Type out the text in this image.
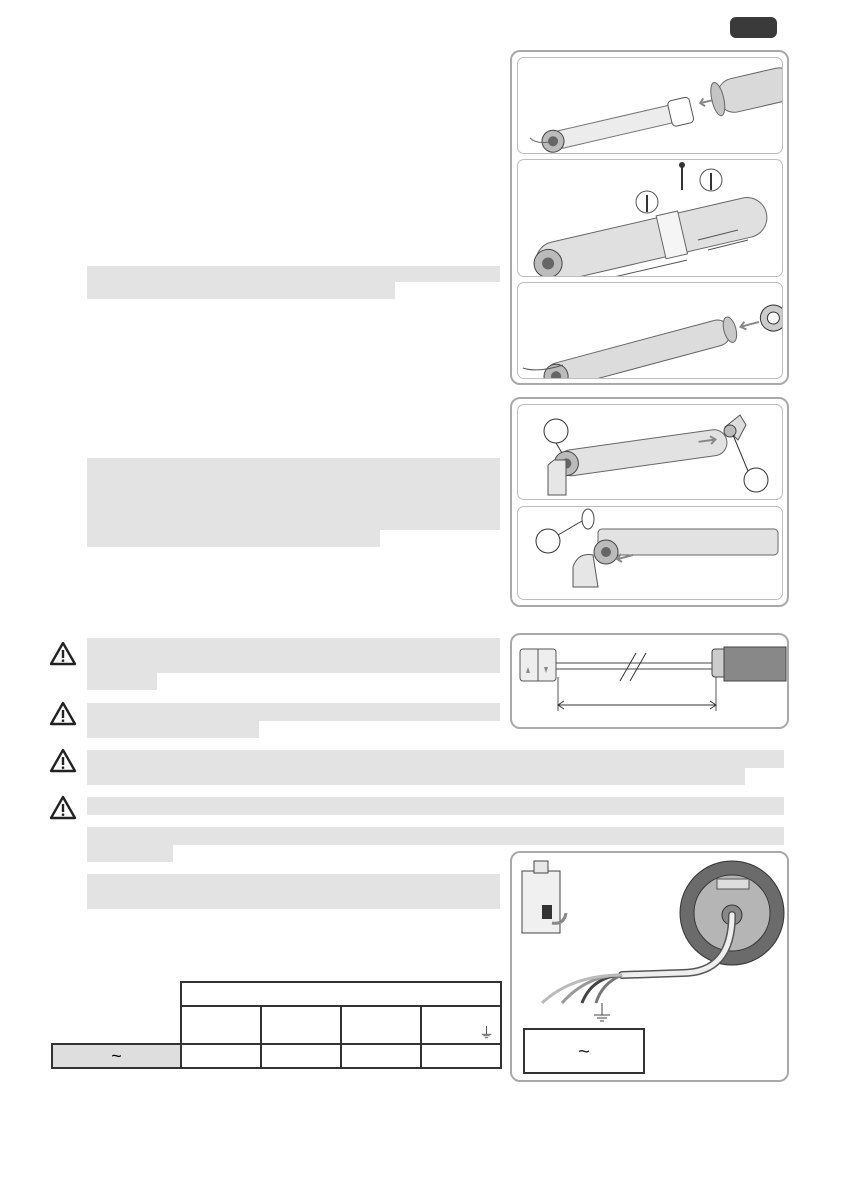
~

				⏚
~				
